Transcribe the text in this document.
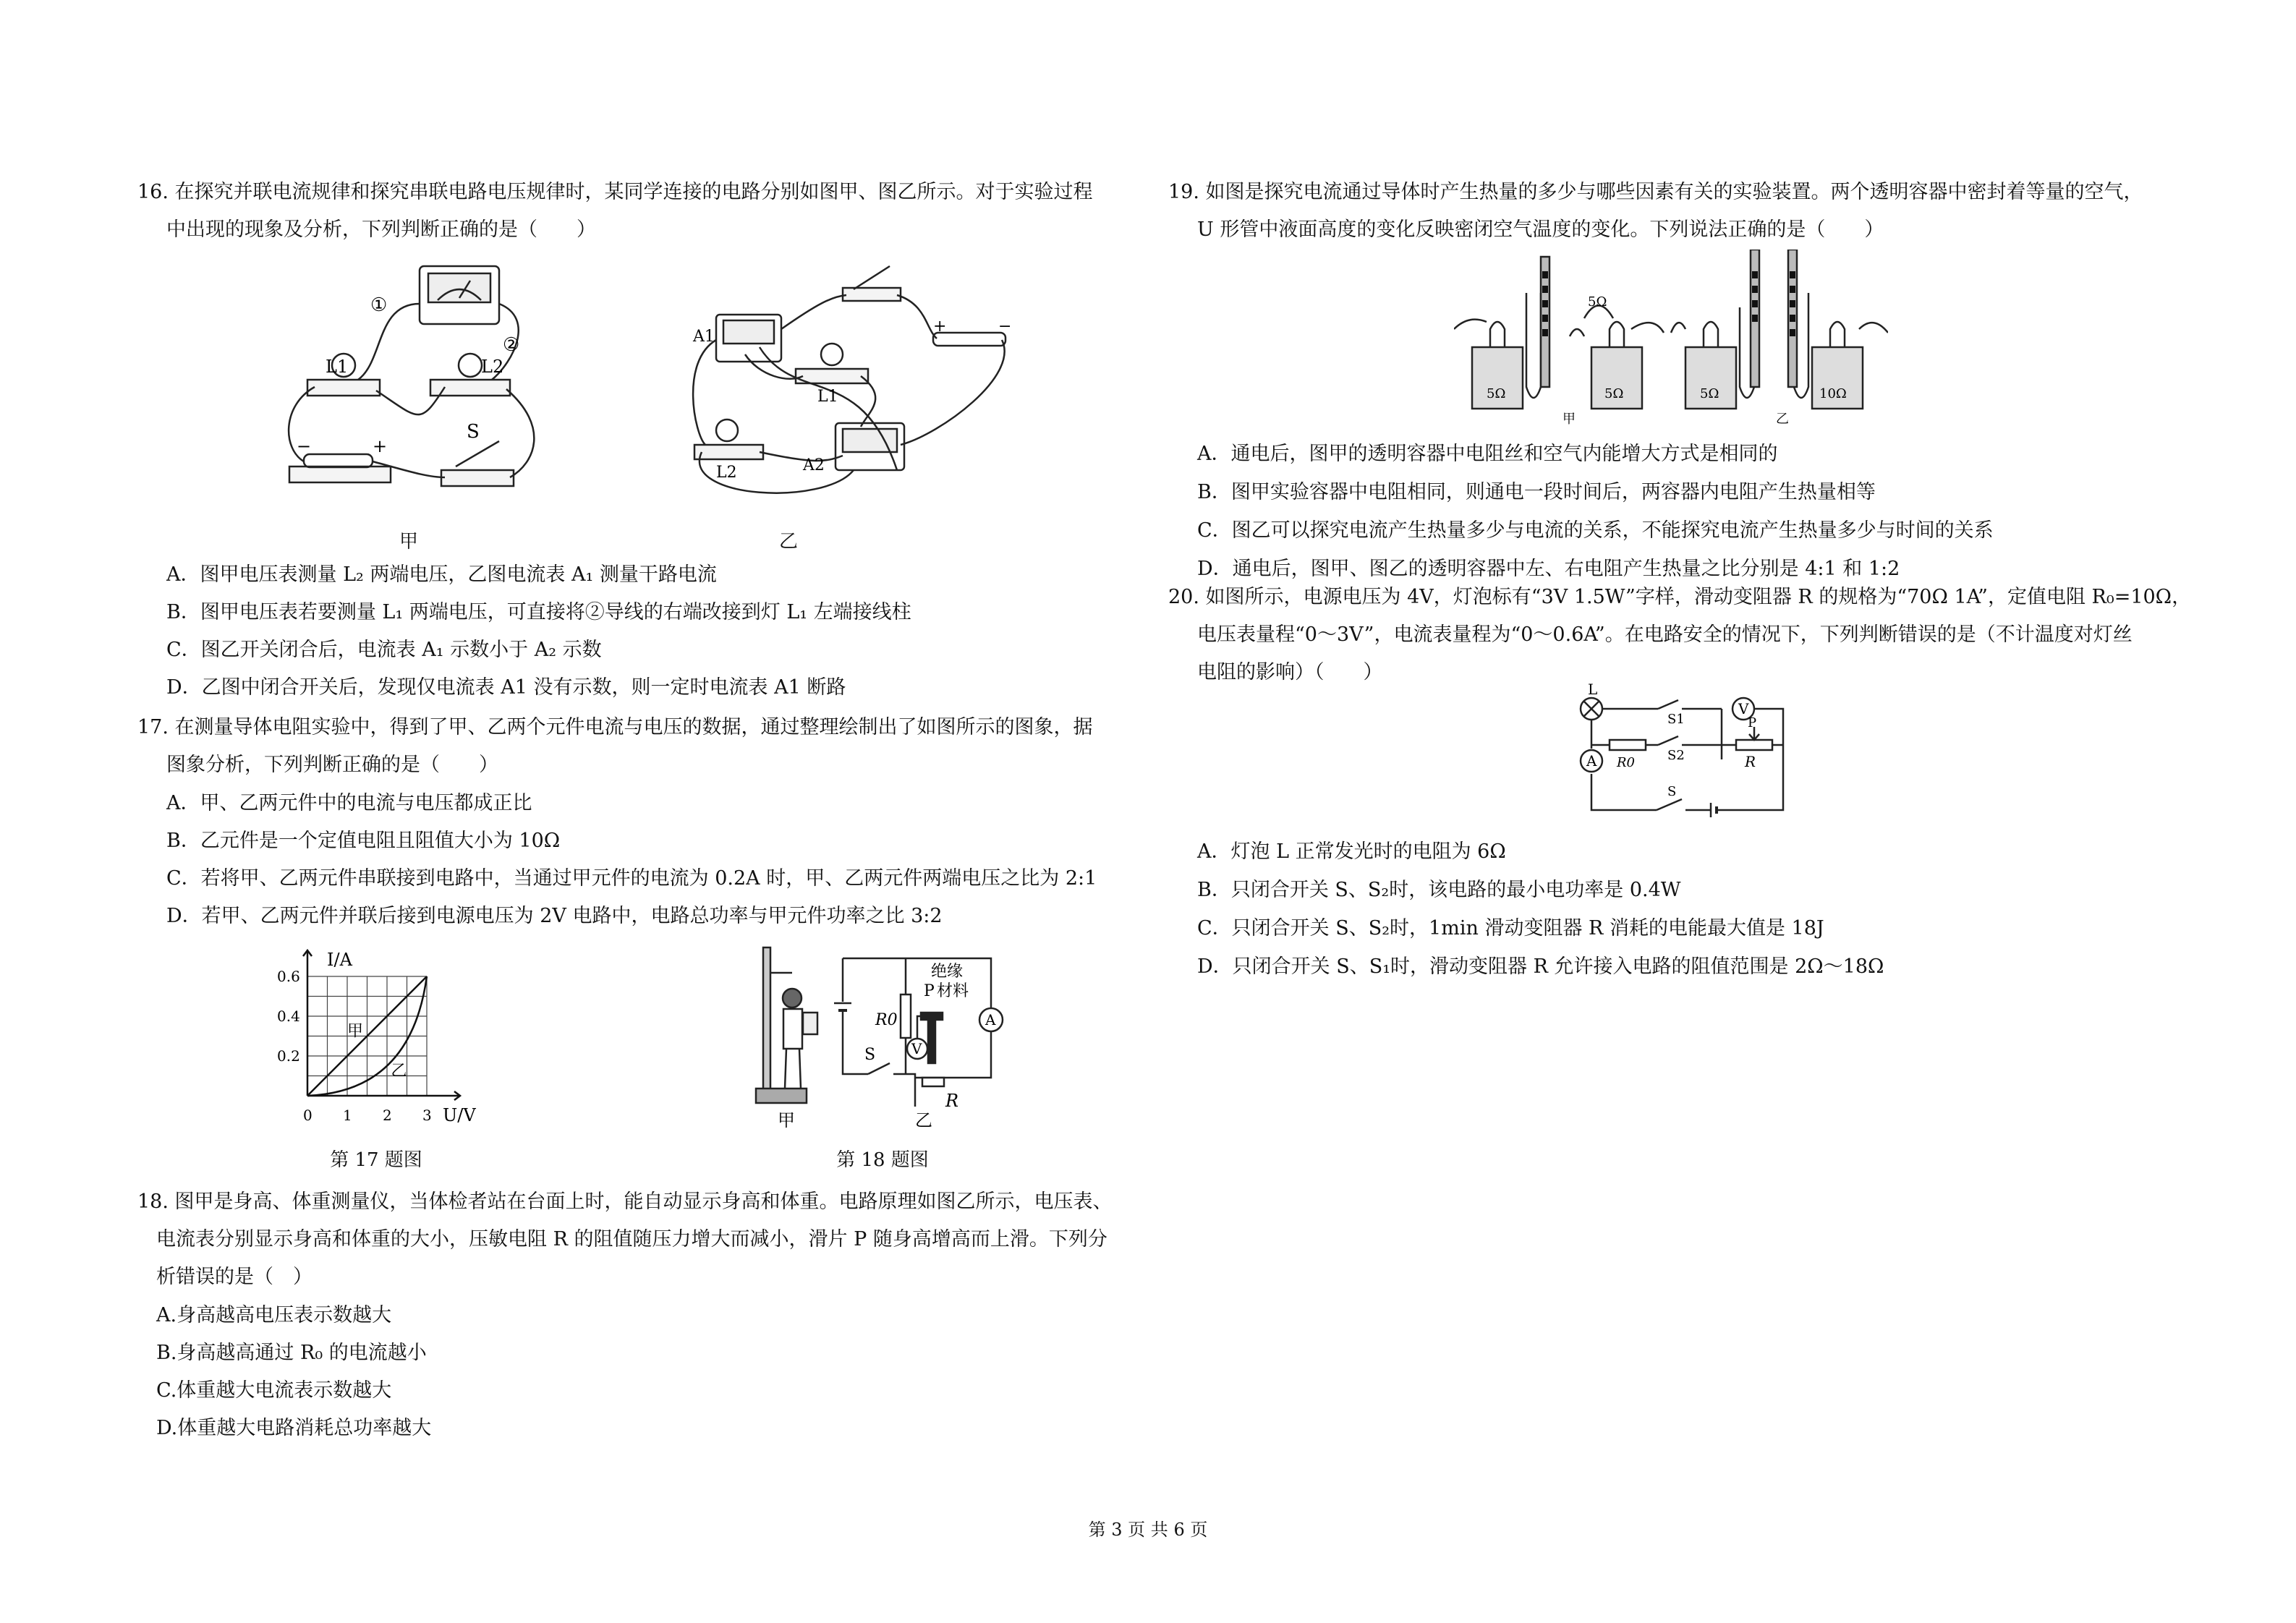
16. 在探究并联电流规律和探究串联电路电压规律时，某同学连接的电路分别如图甲、图乙所示。对于实验过程
中出现的现象及分析，下列判断正确的是（　　）
①
②
L1	L2
S
−	+
甲
A1
L1
L2	A2
+	−
乙
A．图甲电压表测量 L₂ 两端电压，乙图电流表 A₁ 测量干路电流
B．图甲电压表若要测量 L₁ 两端电压，可直接将②导线的右端改接到灯 L₁ 左端接线柱
C．图乙开关闭合后，电流表 A₁ 示数小于 A₂ 示数
D．乙图中闭合开关后，发现仅电流表 A1 没有示数，则一定时电流表 A1 断路
17. 在测量导体电阻实验中，得到了甲、乙两个元件电流与电压的数据，通过整理绘制出了如图所示的图象，据
图象分析，下列判断正确的是（　　）
A．甲、乙两元件中的电流与电压都成正比
B．乙元件是一个定值电阻且阻值大小为 10Ω
C．若将甲、乙两元件串联接到电路中，当通过甲元件的电流为 0.2A 时，甲、乙两元件两端电压之比为 2:1
D．若甲、乙两元件并联后接到电源电压为 2V 电路中，电路总功率与甲元件功率之比 3:2
甲
乙
0 1 2 3
0.2
0.4
0.6
I/A
U/V
第 17 题图
绝缘
P 材料
R0	A
V
S
R
甲	乙
第 18 题图
18. 图甲是身高、体重测量仪，当体检者站在台面上时，能自动显示身高和体重。电路原理如图乙所示，电压表、
电流表分别显示身高和体重的大小，压敏电阻 R 的阻值随压力增大而减小，滑片 P 随身高增高而上滑。下列分
析错误的是（　）
A.身高越高电压表示数越大
B.身高越高通过 R₀ 的电流越小
C.体重越大电流表示数越大
D.体重越大电路消耗总功率越大
19. 如图是探究电流通过导体时产生热量的多少与哪些因素有关的实验装置。两个透明容器中密封着等量的空气，
U 形管中液面高度的变化反映密闭空气温度的变化。下列说法正确的是（　　）
5Ω	5Ω
5Ω
5Ω	10Ω
甲	乙
A．通电后，图甲的透明容器中电阻丝和空气内能增大方式是相同的
B．图甲实验容器中电阻相同，则通电一段时间后，两容器内电阻产生热量相等
C．图乙可以探究电流产生热量多少与电流的关系，不能探究电流产生热量多少与时间的关系
D．通电后，图甲、图乙的透明容器中左、右电阻产生热量之比分别是 4:1 和 1:2
20. 如图所示，电源电压为 4V，灯泡标有“3V 1.5W”字样，滑动变阻器 R 的规格为“70Ω 1A”，定值电阻 R₀=10Ω，
电压表量程“0～3V”，电流表量程为“0～0.6A”。在电路安全的情况下，下列判断错误的是（不计温度对灯丝
电阻的影响）（　　）
L
S1
V
S2
R0	R
P
A
S
A．灯泡 L 正常发光时的电阻为 6Ω
B．只闭合开关 S、S₂时，该电路的最小电功率是 0.4W
C．只闭合开关 S、S₂时，1min 滑动变阻器 R 消耗的电能最大值是 18J
D．只闭合开关 S、S₁时，滑动变阻器 R 允许接入电路的阻值范围是 2Ω～18Ω
第 3 页 共 6 页
